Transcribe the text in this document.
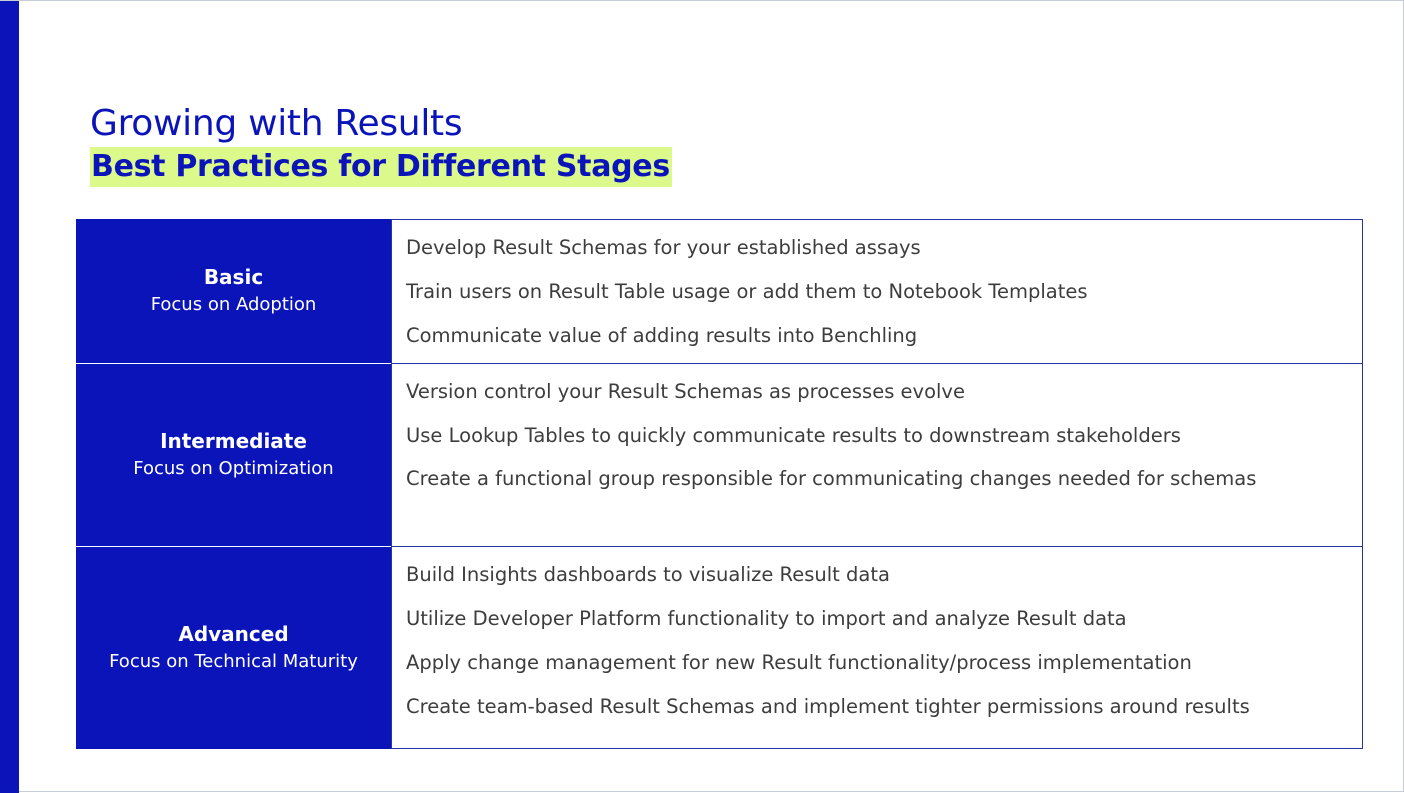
Growing with Results
Best Practices for Different Stages
Basic
Focus on Adoption

Develop Result Schemas for your established assays

Train users on Result Table usage or add them to Notebook Templates

Communicate value of adding results into Benchling

Intermediate
Focus on Optimization

Version control your Result Schemas as processes evolve

Use Lookup Tables to quickly communicate results to downstream stakeholders

Create a functional group responsible for communicating changes needed for schemas

Advanced
Focus on Technical Maturity

Build Insights dashboards to visualize Result data

Utilize Developer Platform functionality to import and analyze Result data

Apply change management for new Result functionality/process implementation

Create team-based Result Schemas and implement tighter permissions around results
